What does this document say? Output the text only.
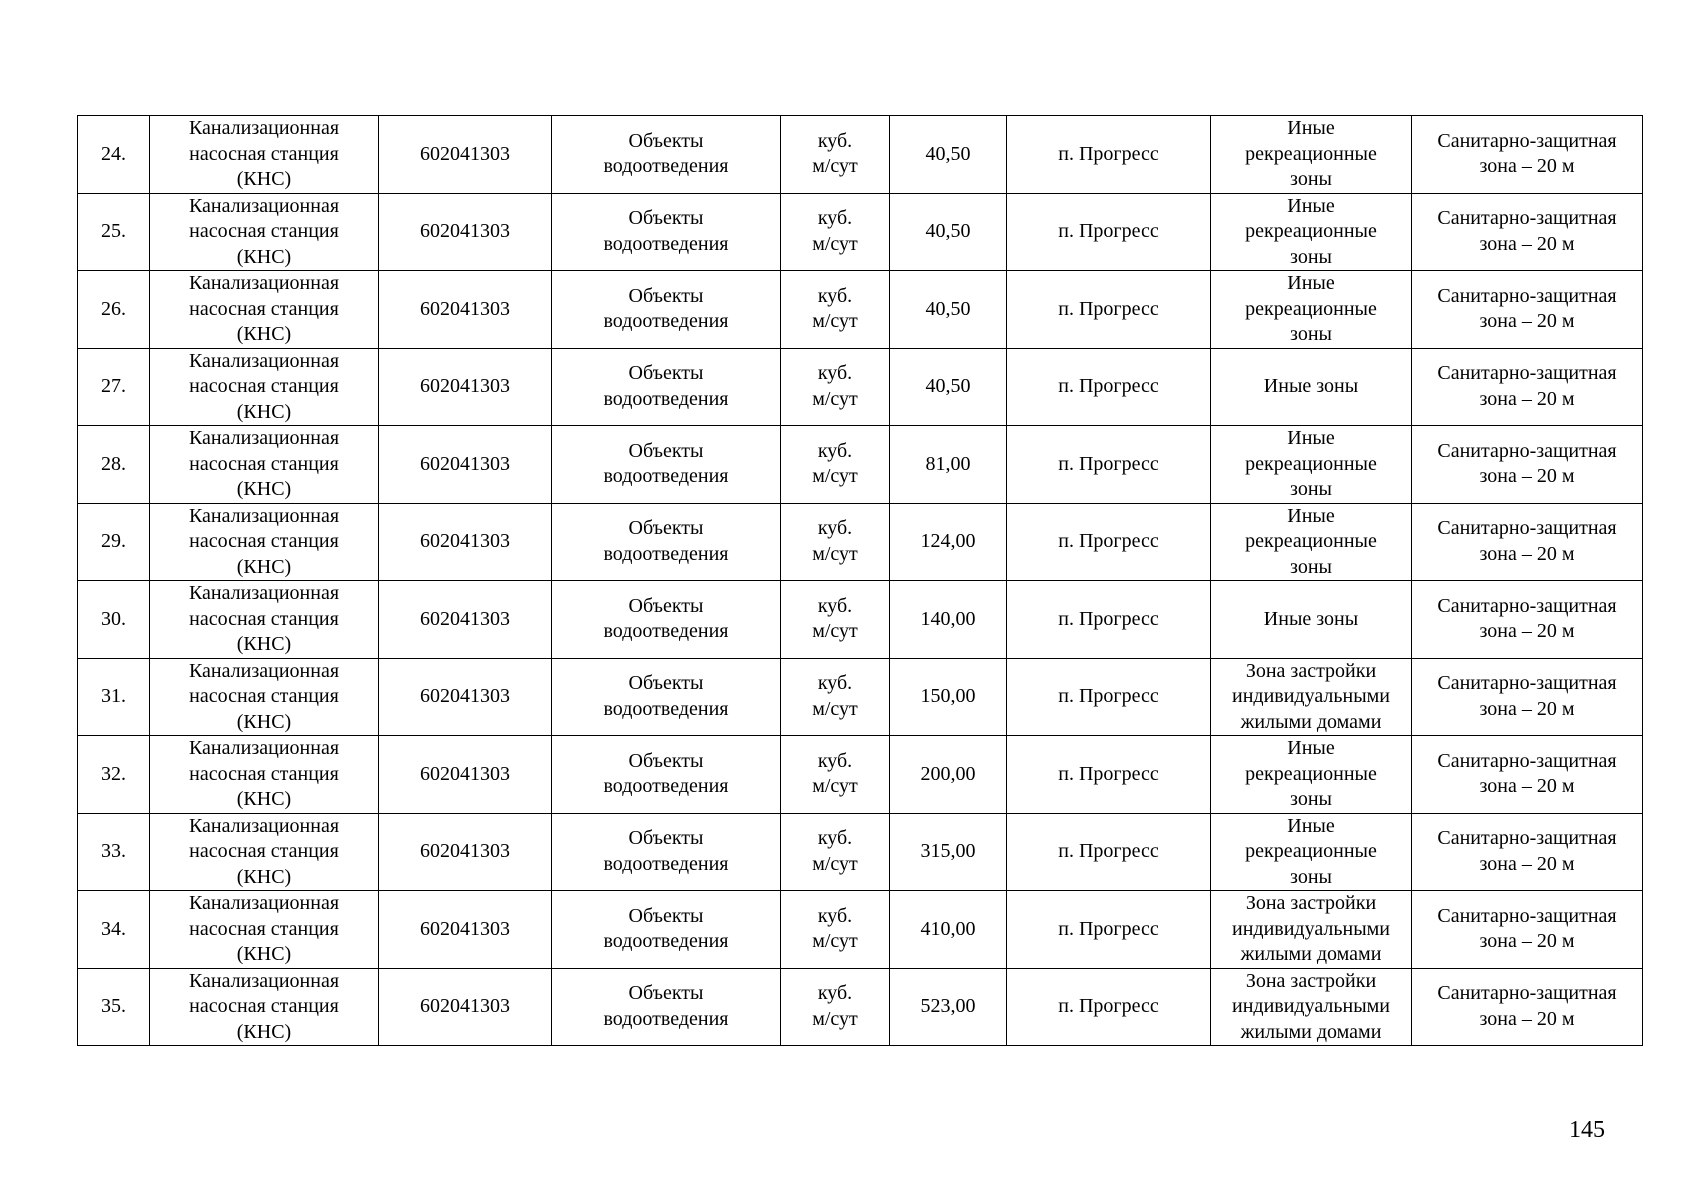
24.	Канализационная
насосная станция
(КНС)	602041303	Объекты
водоотведения	куб.
м/сут	40,50	п. Прогресс	Иные
рекреационные
зоны	Санитарно-защитная
зона – 20 м
25.	Канализационная
насосная станция
(КНС)	602041303	Объекты
водоотведения	куб.
м/сут	40,50	п. Прогресс	Иные
рекреационные
зоны	Санитарно-защитная
зона – 20 м
26.	Канализационная
насосная станция
(КНС)	602041303	Объекты
водоотведения	куб.
м/сут	40,50	п. Прогресс	Иные
рекреационные
зоны	Санитарно-защитная
зона – 20 м
27.	Канализационная
насосная станция
(КНС)	602041303	Объекты
водоотведения	куб.
м/сут	40,50	п. Прогресс	Иные зоны	Санитарно-защитная
зона – 20 м
28.	Канализационная
насосная станция
(КНС)	602041303	Объекты
водоотведения	куб.
м/сут	81,00	п. Прогресс	Иные
рекреационные
зоны	Санитарно-защитная
зона – 20 м
29.	Канализационная
насосная станция
(КНС)	602041303	Объекты
водоотведения	куб.
м/сут	124,00	п. Прогресс	Иные
рекреационные
зоны	Санитарно-защитная
зона – 20 м
30.	Канализационная
насосная станция
(КНС)	602041303	Объекты
водоотведения	куб.
м/сут	140,00	п. Прогресс	Иные зоны	Санитарно-защитная
зона – 20 м
31.	Канализационная
насосная станция
(КНС)	602041303	Объекты
водоотведения	куб.
м/сут	150,00	п. Прогресс	Зона застройки
индивидуальными
жилыми домами	Санитарно-защитная
зона – 20 м
32.	Канализационная
насосная станция
(КНС)	602041303	Объекты
водоотведения	куб.
м/сут	200,00	п. Прогресс	Иные
рекреационные
зоны	Санитарно-защитная
зона – 20 м
33.	Канализационная
насосная станция
(КНС)	602041303	Объекты
водоотведения	куб.
м/сут	315,00	п. Прогресс	Иные
рекреационные
зоны	Санитарно-защитная
зона – 20 м
34.	Канализационная
насосная станция
(КНС)	602041303	Объекты
водоотведения	куб.
м/сут	410,00	п. Прогресс	Зона застройки
индивидуальными
жилыми домами	Санитарно-защитная
зона – 20 м
35.	Канализационная
насосная станция
(КНС)	602041303	Объекты
водоотведения	куб.
м/сут	523,00	п. Прогресс	Зона застройки
индивидуальными
жилыми домами	Санитарно-защитная
зона – 20 м
145
